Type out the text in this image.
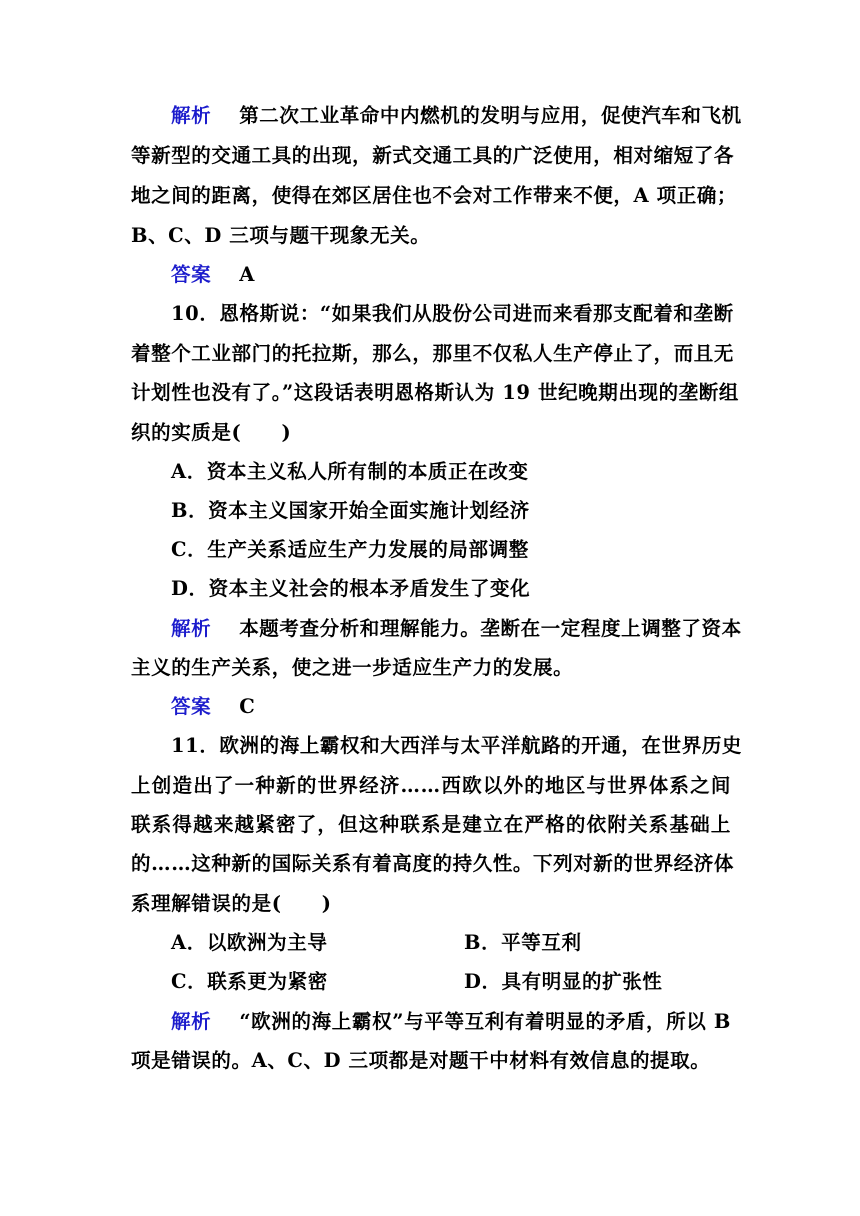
解析 第二次工业革命中内燃机的发明与应用，促使汽车和飞机
等新型的交通工具的出现，新式交通工具的广泛使用，相对缩短了各
地之间的距离，使得在郊区居住也不会对工作带来不便，A 项正确；
B、C、D 三项与题干现象无关。
答案 A
10．恩格斯说：“如果我们从股份公司进而来看那支配着和垄断
着整个工业部门的托拉斯，那么，那里不仅私人生产停止了，而且无
计划性也没有了。”这段话表明恩格斯认为 19 世纪晚期出现的垄断组
织的实质是(　　)
A．资本主义私人所有制的本质正在改变
B．资本主义国家开始全面实施计划经济
C．生产关系适应生产力发展的局部调整
D．资本主义社会的根本矛盾发生了变化
解析 本题考查分析和理解能力。垄断在一定程度上调整了资本
主义的生产关系，使之进一步适应生产力的发展。
答案 C
11．欧洲的海上霸权和大西洋与太平洋航路的开通，在世界历史
上创造出了一种新的世界经济……西欧以外的地区与世界体系之间
联系得越来越紧密了，但这种联系是建立在严格的依附关系基础上
的……这种新的国际关系有着高度的持久性。下列对新的世界经济体
系理解错误的是(　　)
A．以欧洲为主导	B．平等互利
C．联系更为紧密	D．具有明显的扩张性
解析 “欧洲的海上霸权”与平等互利有着明显的矛盾，所以 B
项是错误的。A、C、D 三项都是对题干中材料有效信息的提取。
